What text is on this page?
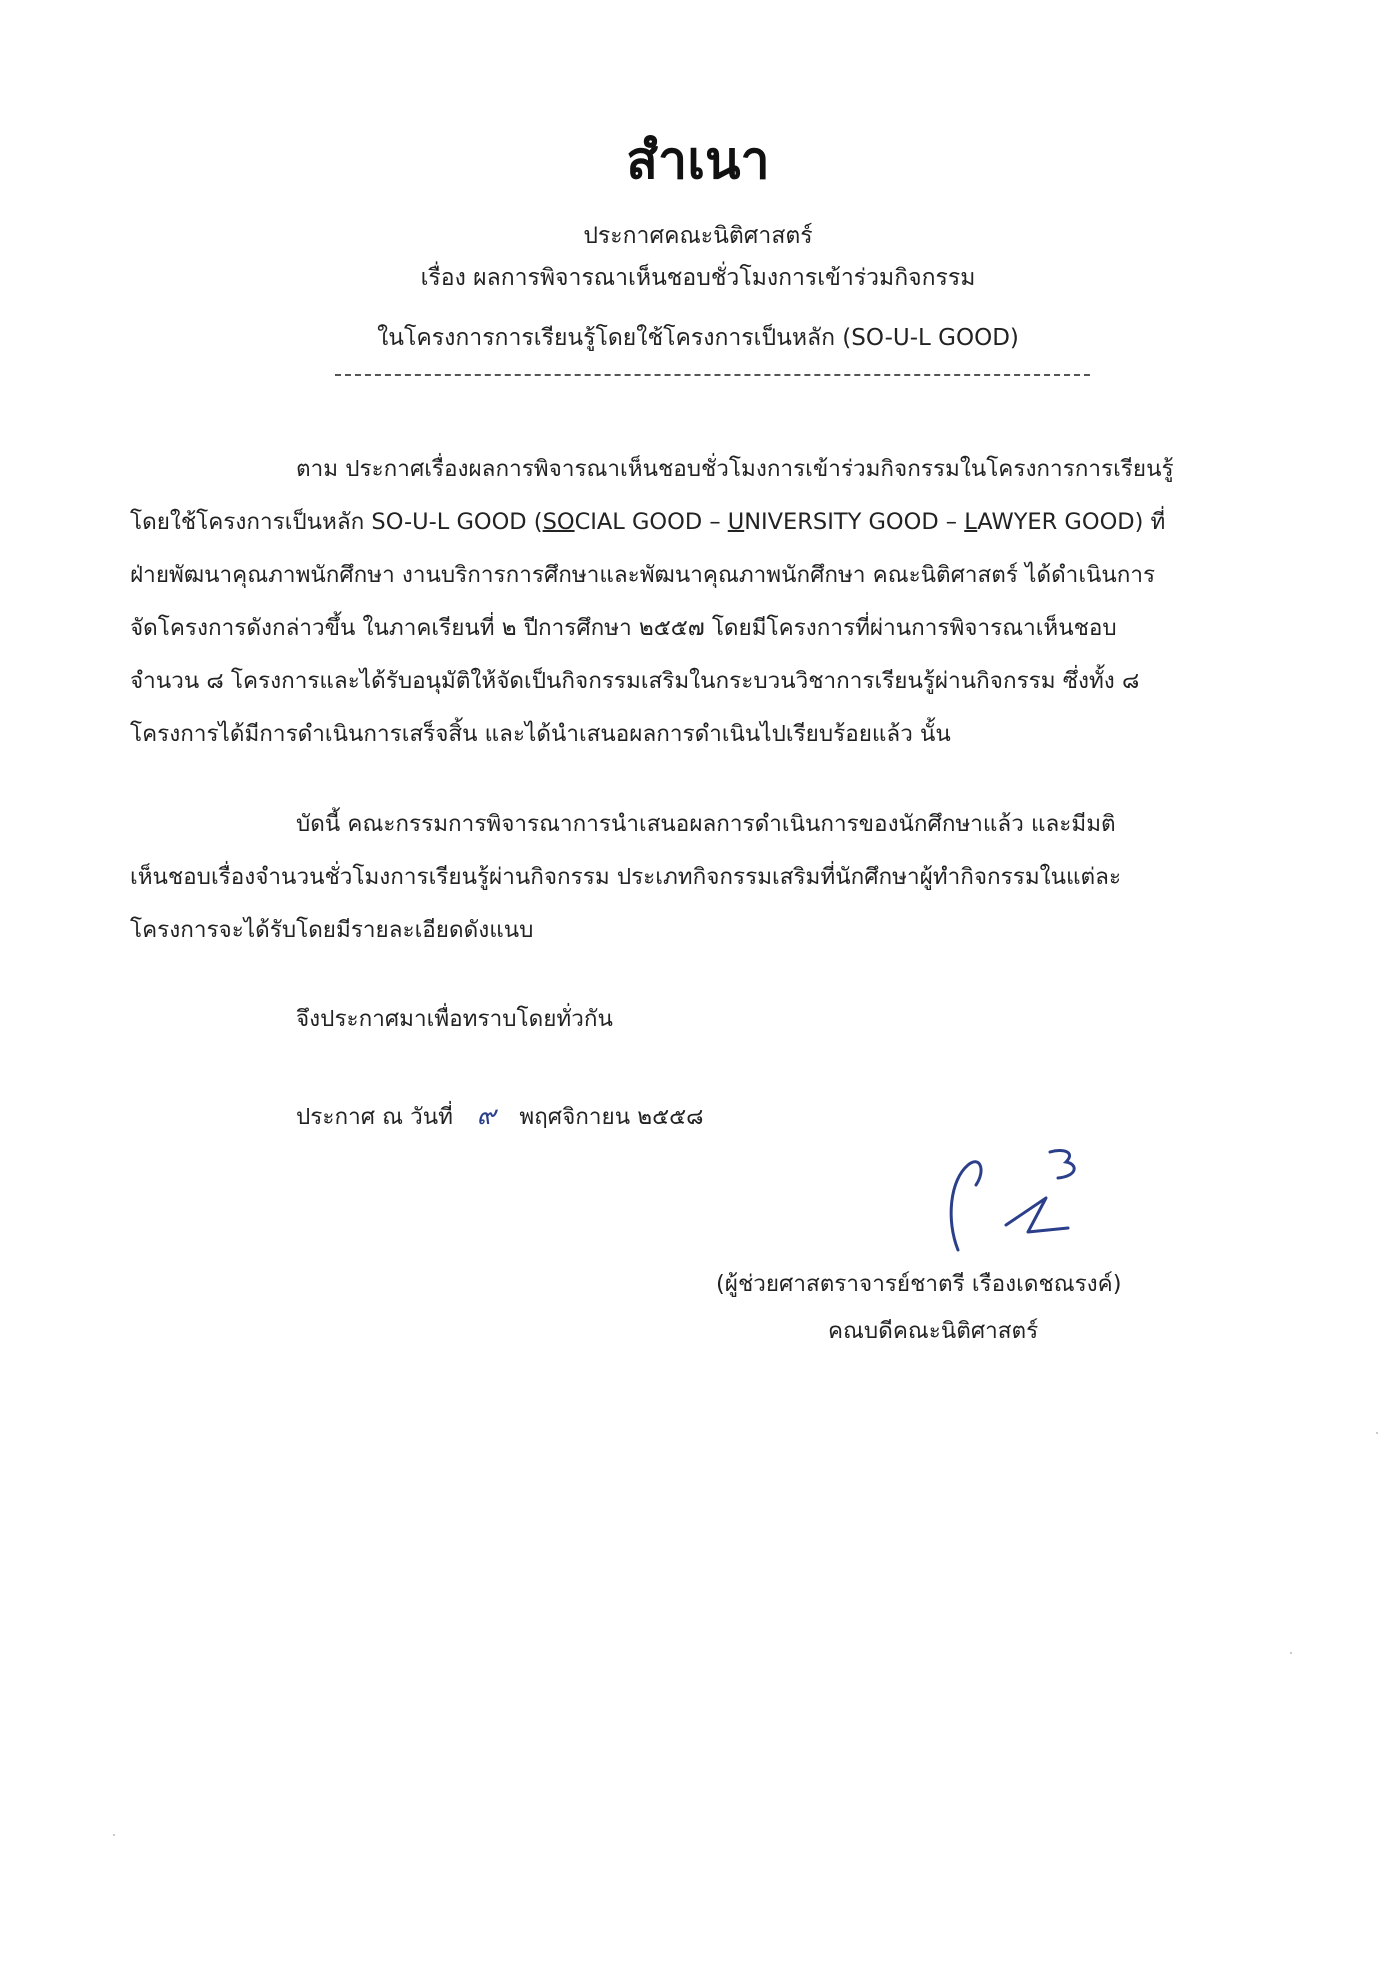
สำเนา
ประกาศคณะนิติศาสตร์
เรื่อง ผลการพิจารณาเห็นชอบชั่วโมงการเข้าร่วมกิจกรรม
ในโครงการการเรียนรู้โดยใช้โครงการเป็นหลัก (SO-U-L GOOD)
ตาม ประกาศเรื่องผลการพิจารณาเห็นชอบชั่วโมงการเข้าร่วมกิจกรรมในโครงการการเรียนรู้
โดยใช้โครงการเป็นหลัก SO-U-L GOOD (SOCIAL GOOD – UNIVERSITY GOOD – LAWYER GOOD) ที่
ฝ่ายพัฒนาคุณภาพนักศึกษา งานบริการการศึกษาและพัฒนาคุณภาพนักศึกษา คณะนิติศาสตร์ ได้ดำเนินการ
จัดโครงการดังกล่าวขึ้น ในภาคเรียนที่ ๒ ปีการศึกษา ๒๕๕๗ โดยมีโครงการที่ผ่านการพิจารณาเห็นชอบ
จำนวน ๘ โครงการและได้รับอนุมัติให้จัดเป็นกิจกรรมเสริมในกระบวนวิชาการเรียนรู้ผ่านกิจกรรม ซึ่งทั้ง ๘
โครงการได้มีการดำเนินการเสร็จสิ้น และได้นำเสนอผลการดำเนินไปเรียบร้อยแล้ว นั้น
บัดนี้ คณะกรรมการพิจารณาการนำเสนอผลการดำเนินการของนักศึกษาแล้ว และมีมติ
เห็นชอบเรื่องจำนวนชั่วโมงการเรียนรู้ผ่านกิจกรรม ประเภทกิจกรรมเสริมที่นักศึกษาผู้ทำกิจกรรมในแต่ละ
โครงการจะได้รับโดยมีรายละเอียดดังแนบ
จึงประกาศมาเพื่อทราบโดยทั่วกัน
ประกาศ ณ วันที่ ๙ พฤศจิกายน ๒๕๕๘
(ผู้ช่วยศาสตราจารย์ชาตรี เรืองเดชณรงค์)
คณบดีคณะนิติศาสตร์
